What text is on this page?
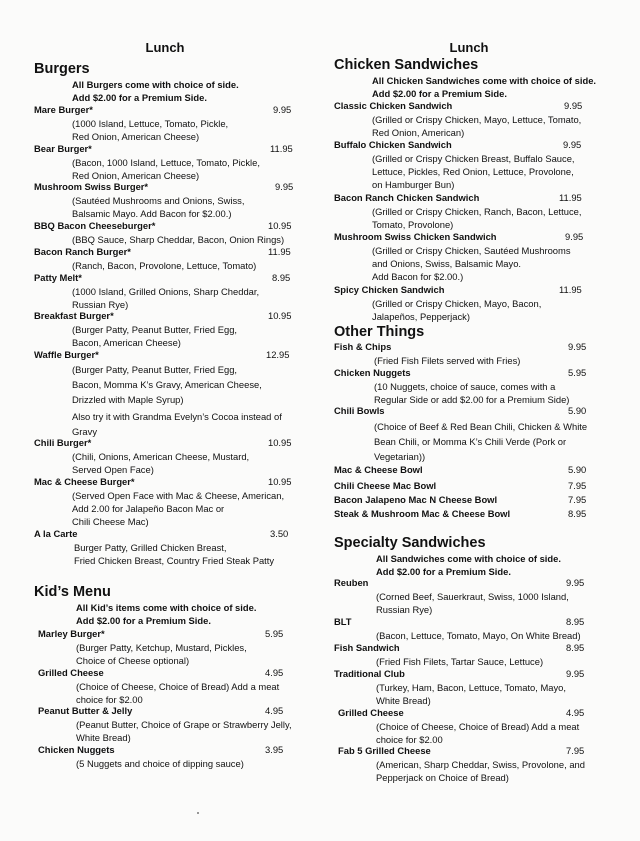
Lunch
Burgers
All Burgers come with choice of side.
Add $2.00 for a Premium Side.
Mare Burger*	9.95
(1000 Island, Lettuce, Tomato, Pickle,
Red Onion, American Cheese)
Bear Burger*	11.95
(Bacon, 1000 Island, Lettuce, Tomato, Pickle,
Red Onion, American Cheese)
Mushroom Swiss Burger*	9.95
(Sautéed Mushrooms and Onions, Swiss,
Balsamic Mayo. Add Bacon for $2.00.)
BBQ Bacon Cheeseburger*	10.95
(BBQ Sauce, Sharp Cheddar, Bacon, Onion Rings)
Bacon Ranch Burger*	11.95
(Ranch, Bacon, Provolone, Lettuce, Tomato)
Patty Melt*	8.95
(1000 Island, Grilled Onions, Sharp Cheddar,
Russian Rye)
Breakfast Burger*	10.95
(Burger Patty, Peanut Butter, Fried Egg,
Bacon, American Cheese)
Waffle Burger*	12.95
(Burger Patty, Peanut Butter, Fried Egg,
Bacon, Momma K’s Gravy, American Cheese,
Drizzled with Maple Syrup)
Also try it with Grandma Evelyn’s Cocoa instead of
Gravy
Chili Burger*	10.95
(Chili, Onions, American Cheese, Mustard,
Served Open Face)
Mac & Cheese Burger*	10.95
(Served Open Face with Mac & Cheese, American,
Add 2.00 for Jalapeño Bacon Mac or
Chili Cheese Mac)
A la Carte	3.50
Burger Patty, Grilled Chicken Breast,
Fried Chicken Breast, Country Fried Steak Patty
Kid’s Menu
All Kid’s items come with choice of side.
Add $2.00 for a Premium Side.
Marley Burger*	5.95
(Burger Patty, Ketchup, Mustard, Pickles,
Choice of Cheese optional)
Grilled Cheese	4.95
(Choice of Cheese, Choice of Bread) Add a meat
choice for $2.00
Peanut Butter & Jelly	4.95
(Peanut Butter, Choice of Grape or Strawberry Jelly,
White Bread)
Chicken Nuggets	3.95
(5 Nuggets and choice of dipping sauce)
Lunch
Chicken Sandwiches
All Chicken Sandwiches come with choice of side.
Add $2.00 for a Premium Side.
Classic Chicken Sandwich	9.95
(Grilled or Crispy Chicken, Mayo, Lettuce, Tomato,
Red Onion, American)
Buffalo Chicken Sandwich	9.95
(Grilled or Crispy Chicken Breast, Buffalo Sauce,
Lettuce, Pickles, Red Onion, Lettuce, Provolone,
on Hamburger Bun)
Bacon Ranch Chicken Sandwich	11.95
(Grilled or Crispy Chicken, Ranch, Bacon, Lettuce,
Tomato, Provolone)
Mushroom Swiss Chicken Sandwich	9.95
(Grilled or Crispy Chicken, Sautéed Mushrooms
and Onions, Swiss, Balsamic Mayo.
Add Bacon for $2.00.)
Spicy Chicken Sandwich	11.95
(Grilled or Crispy Chicken, Mayo, Bacon,
Jalapeños, Pepperjack)
Other Things
Fish & Chips	9.95
(Fried Fish Filets served with Fries)
Chicken Nuggets	5.95
(10 Nuggets, choice of sauce, comes with a
Regular Side or add $2.00 for a Premium Side)
Chili Bowls	5.90
(Choice of Beef & Red Bean Chili, Chicken & White
Bean Chili, or Momma K’s Chili Verde (Pork or
Vegetarian))
Mac & Cheese Bowl	5.90
Chili Cheese Mac Bowl	7.95
Bacon Jalapeno Mac N Cheese Bowl	7.95
Steak & Mushroom Mac & Cheese Bowl	8.95
Specialty Sandwiches
All Sandwiches come with choice of side.
Add $2.00 for a Premium Side.
Reuben	9.95
(Corned Beef, Sauerkraut, Swiss, 1000 Island,
Russian Rye)
BLT	8.95
(Bacon, Lettuce, Tomato, Mayo, On White Bread)
Fish Sandwich	8.95
(Fried Fish Filets, Tartar Sauce, Lettuce)
Traditional Club	9.95
(Turkey, Ham, Bacon, Lettuce, Tomato, Mayo,
White Bread)
Grilled Cheese	4.95
(Choice of Cheese, Choice of Bread) Add a meat
choice for $2.00
Fab 5 Grilled Cheese	7.95
(American, Sharp Cheddar, Swiss, Provolone, and
Pepperjack on Choice of Bread)
